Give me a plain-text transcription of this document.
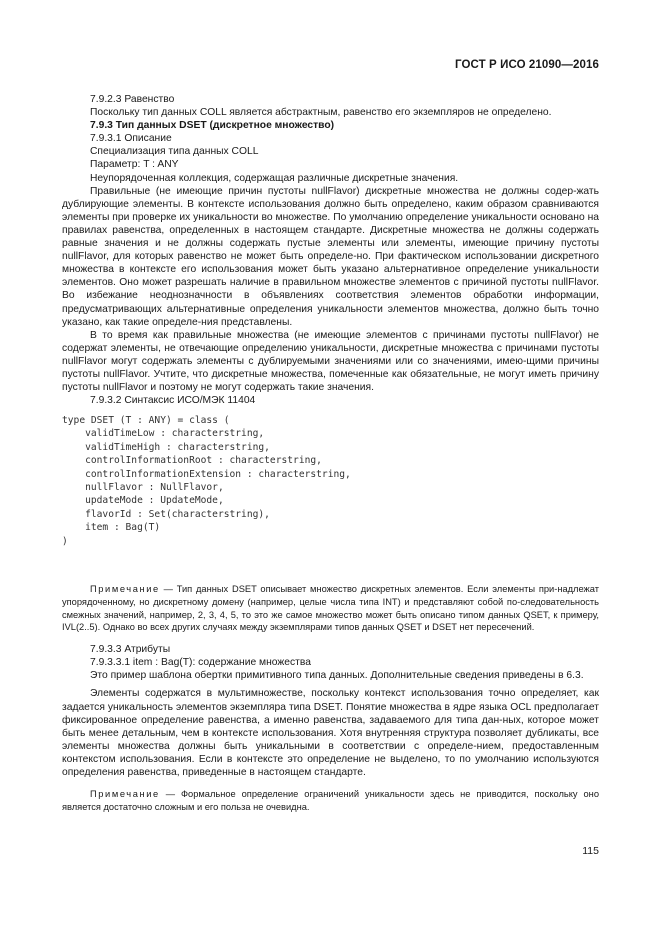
ГОСТ Р ИСО 21090—2016

7.9.2.3 Равенство

Поскольку тип данных COLL является абстрактным, равенство его экземпляров не определено.

7.9.3 Тип данных DSET (дискретное множество)

7.9.3.1 Описание

Специализация типа данных COLL

Параметр: T : ANY

Неупорядоченная коллекция, содержащая различные дискретные значения.

Правильные (не имеющие причин пустоты nullFlavor) дискретные множества не должны содер-жать дублирующие элементы. В контексте использования должно быть определено, каким образом сравниваются элементы при проверке их уникальности во множестве. По умолчанию определение уникальности основано на правилах равенства, определенных в настоящем стандарте. Дискретные множества не должны содержать равные значения и не должны содержать пустые элементы или элементы, имеющие причину пустоты nullFlavor, для которых равенство не может быть определе-но. При фактическом использовании дискретного множества в контексте его использования может быть указано альтернативное определение уникальности элементов. Оно может разрешать наличие в правильном множестве элементов с причиной пустоты nullFlavor. Во избежание неоднозначности в объявлениях соответствия элементов обработки информации, предусматривающих альтернативные определения уникальности элементов множества, должно быть точно указано, как такие определе-ния представлены.

В то время как правильные множества (не имеющие элементов с причинами пустоты nullFlavor) не содержат элементы, не отвечающие определению уникальности, дискретные множества с причинами пустоты nullFlavor могут содержать элементы с дублируемыми значениями или со значениями, имею-щими причины пустоты nullFlavor. Учтите, что дискретные множества, помеченные как обязательные, не могут иметь причину пустоты nullFlavor и поэтому не могут содержать такие значения.

7.9.3.2 Синтаксис ИСО/МЭК 11404

type DSET (T : ANY) = class (
validTimeLow : characterstring,
validTimeHigh : characterstring,
controlInformationRoot : characterstring,
controlInformationExtension : characterstring,
nullFlavor : NullFlavor,
updateMode : UpdateMode,
flavorId : Set(characterstring),
item : Bag(T)
)

Примечание — Тип данных DSET описывает множество дискретных элементов. Если элементы при-надлежат упорядоченному, но дискретному домену (например, целые числа типа INT) и представляют собой по-следовательность смежных значений, например, 2, 3, 4, 5, то это же самое множество может быть описано типом данных QSET, к примеру, IVL(2..5). Однако во всех других случаях между экземплярами типов данных QSET и DSET нет пересечений.

7.9.3.3 Атрибуты

7.9.3.3.1 item : Bag(T): содержание множества

Это пример шаблона обертки примитивного типа данных. Дополнительные сведения приведены в 6.3.

Элементы содержатся в мультимножестве, поскольку контекст использования точно определяет, как задается уникальность элементов экземпляра типа DSET. Понятие множества в ядре языка OCL предполагает фиксированное определение равенства, а именно равенства, задаваемого для типа дан-ных, которое может быть менее детальным, чем в контексте использования. Хотя внутренняя структура позволяет дубликаты, все элементы множества должны быть уникальными в соответствии с определе-нием, предоставленным контекстом использования. Если в контексте это определение не выделено, то по умолчанию используются определения равенства, приведенные в настоящем стандарте.

Примечание — Формальное определение ограничений уникальности здесь не приводится, поскольку оно является достаточно сложным и его польза не очевидна.

115
